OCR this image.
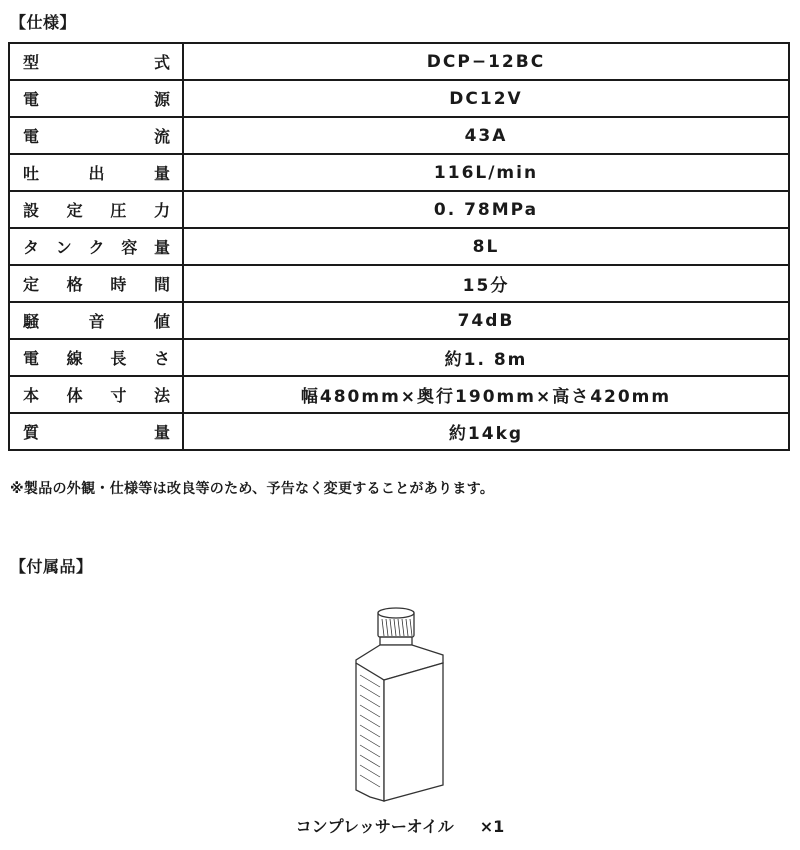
【仕様】
型 式	DCP−12BC

電 源	DC12V

電 流	43A

吐 出 量	116L/min

設 定 圧 力	0. 78MPa

タ ン ク 容 量	8L

定 格 時 間	15分

騒 音 値	74dB

電 線 長 さ	約1. 8m

本 体 寸 法	幅480mm×奥行190mm×高さ420mm

質 量	約14kg
※製品の外観・仕様等は改良等のため、予告なく変更することがあります。
【付属品】
コンプレッサーオイル ×1
